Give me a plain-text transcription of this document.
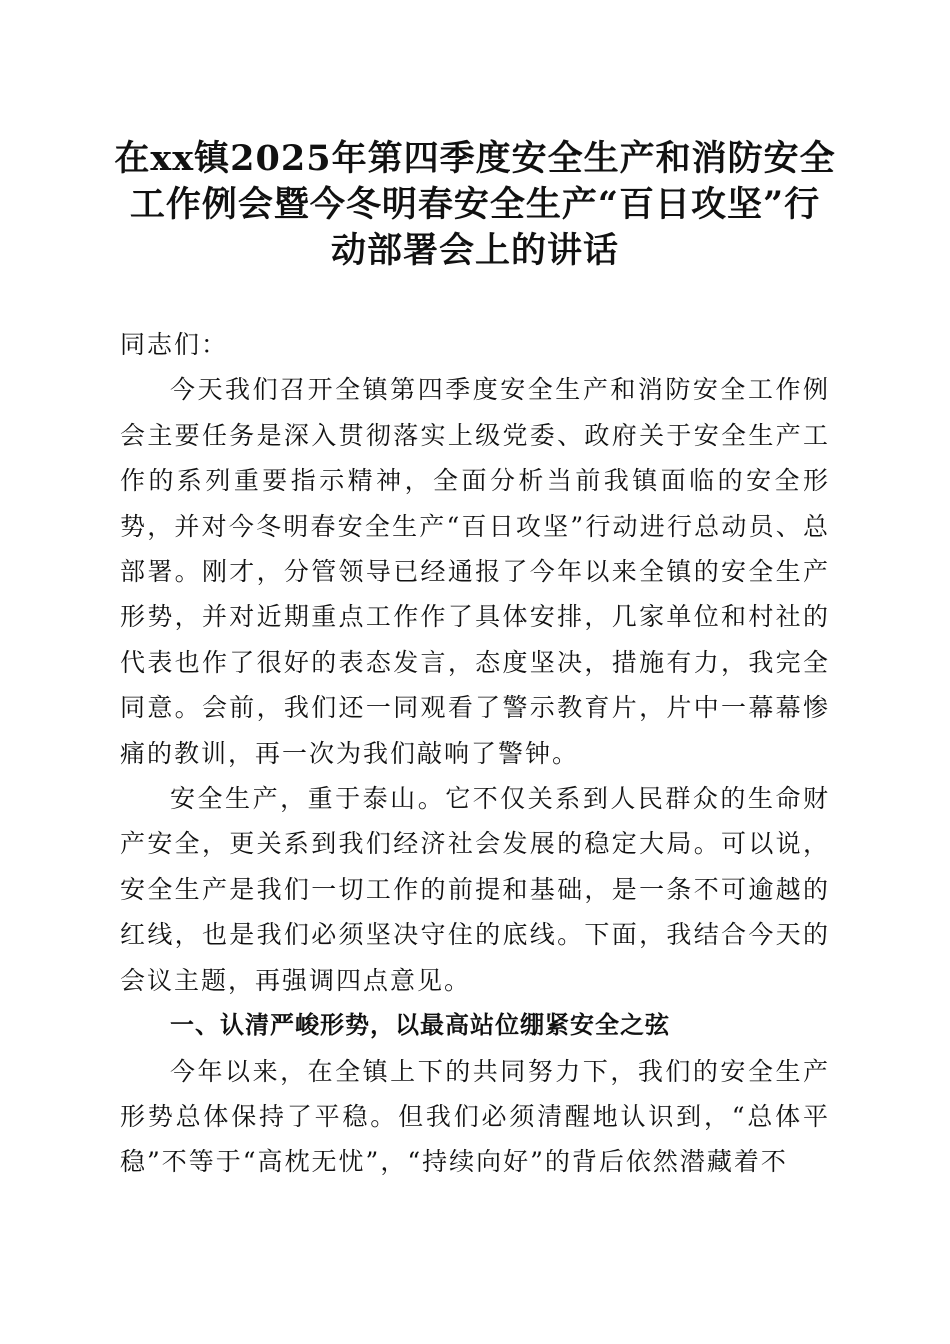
在xx镇2025年第四季度安全生产和消防安全
工作例会暨今冬明春安全生产“百日攻坚”行
动部署会上的讲话

同志们：

今天我们召开全镇第四季度安全生产和消防安全工作例会主要任务是深入贯彻落实上级党委、政府关于安全生产工作的系列重要指示精神，全面分析当前我镇面临的安全形势，并对今冬明春安全生产“百日攻坚”行动进行总动员、总部署。刚才，分管领导已经通报了今年以来全镇的安全生产形势，并对近期重点工作作了具体安排，几家单位和村社的代表也作了很好的表态发言，态度坚决，措施有力，我完全同意。会前，我们还一同观看了警示教育片，片中一幕幕惨痛的教训，再一次为我们敲响了警钟。

安全生产，重于泰山。它不仅关系到人民群众的生命财产安全，更关系到我们经济社会发展的稳定大局。可以说，安全生产是我们一切工作的前提和基础，是一条不可逾越的红线，也是我们必须坚决守住的底线。下面，我结合今天的会议主题，再强调四点意见。

一、认清严峻形势，以最高站位绷紧安全之弦

今年以来，在全镇上下的共同努力下，我们的安全生产形势总体保持了平稳。但我们必须清醒地认识到，“总体平稳”不等于“高枕无忧”，“持续向好”的背后依然潜藏着不
